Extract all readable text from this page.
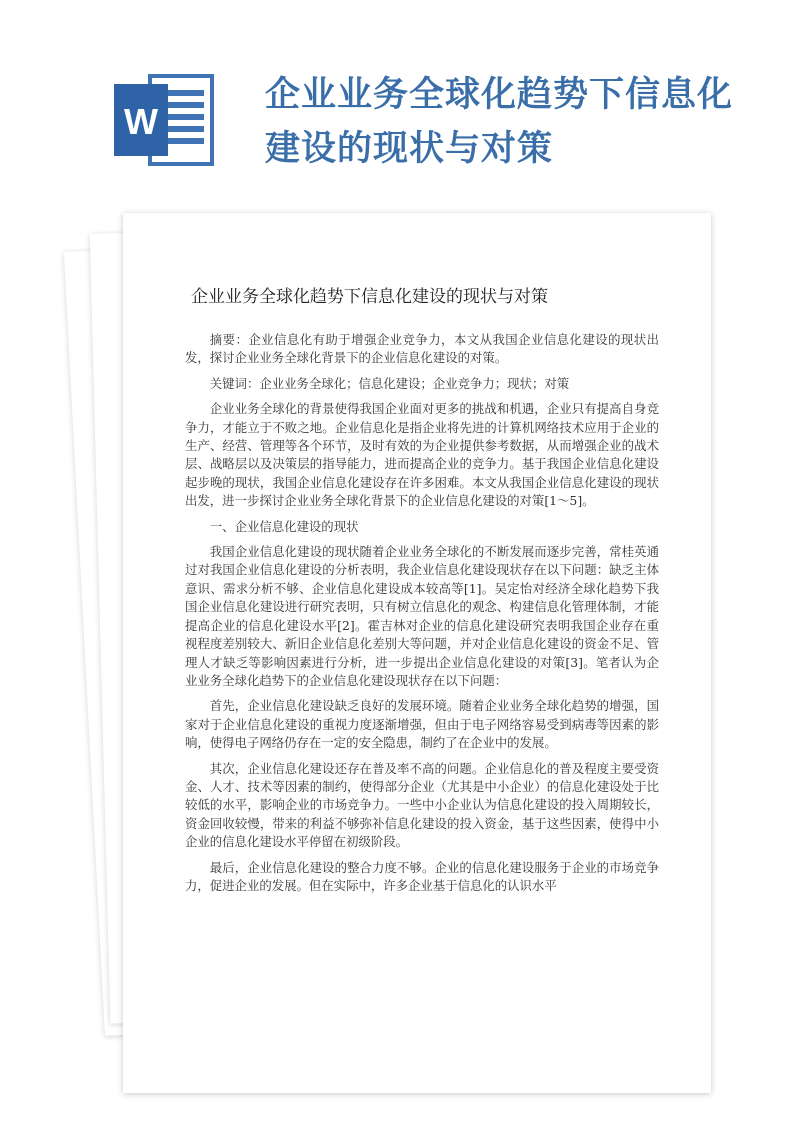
W
企业业务全球化趋势下信息化建设的现状与对策
企业业务全球化趋势下信息化建设的现状与对策

摘要：企业信息化有助于增强企业竞争力，本文从我国企业信息化建设的现状出发，探讨企业业务全球化背景下的企业信息化建设的对策。

关键词：企业业务全球化；信息化建设；企业竞争力；现状；对策

企业业务全球化的背景使得我国企业面对更多的挑战和机遇，企业只有提高自身竞争力，才能立于不败之地。企业信息化是指企业将先进的计算机网络技术应用于企业的生产、经营、管理等各个环节，及时有效的为企业提供参考数据，从而增强企业的战术层、战略层以及决策层的指导能力，进而提高企业的竞争力。基于我国企业信息化建设起步晚的现状，我国企业信息化建设存在许多困难。本文从我国企业信息化建设的现状出发，进一步探讨企业业务全球化背景下的企业信息化建设的对策[1～5]。

一、企业信息化建设的现状

我国企业信息化建设的现状随着企业业务全球化的不断发展而逐步完善，常桂英通过对我国企业信息化建设的分析表明，我企业信息化建设现状存在以下问题：缺乏主体意识、需求分析不够、企业信息化建设成本较高等[1]。吴定怡对经济全球化趋势下我国企业信息化建设进行研究表明，只有树立信息化的观念、构建信息化管理体制，才能提高企业的信息化建设水平[2]。霍吉林对企业的信息化建设研究表明我国企业存在重视程度差别较大、新旧企业信息化差别大等问题，并对企业信息化建设的资金不足、管理人才缺乏等影响因素进行分析，进一步提出企业信息化建设的对策[3]。笔者认为企业业务全球化趋势下的企业信息化建设现状存在以下问题：

首先，企业信息化建设缺乏良好的发展环境。随着企业业务全球化趋势的增强，国家对于企业信息化建设的重视力度逐渐增强，但由于电子网络容易受到病毒等因素的影响，使得电子网络仍存在一定的安全隐患，制约了在企业中的发展。

其次，企业信息化建设还存在普及率不高的问题。企业信息化的普及程度主要受资金、人才、技术等因素的制约，使得部分企业（尤其是中小企业）的信息化建设处于比较低的水平，影响企业的市场竞争力。一些中小企业认为信息化建设的投入周期较长，资金回收较慢，带来的利益不够弥补信息化建设的投入资金，基于这些因素，使得中小企业的信息化建设水平停留在初级阶段。

最后，企业信息化建设的整合力度不够。企业的信息化建设服务于企业的市场竞争力，促进企业的发展。但在实际中，许多企业基于信息化的认识水平
